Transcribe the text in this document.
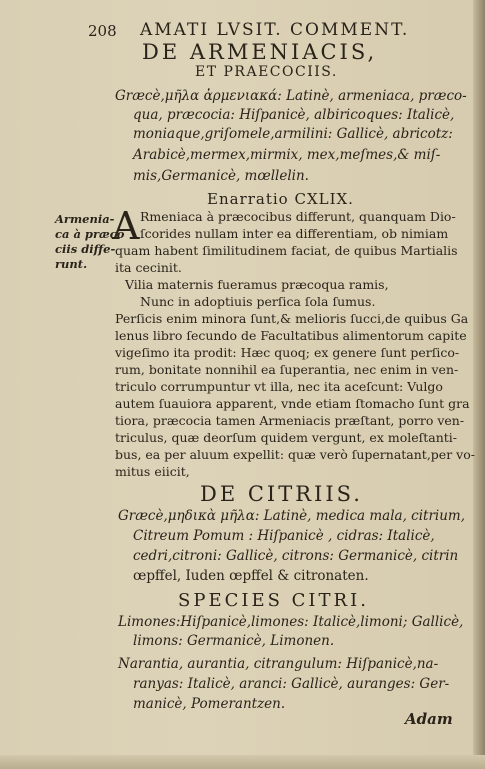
208 AMATI LVSIT. COMMENT.
DE ARMENIACIS,
ET PRAECOCIIS.
Græcè,μῆλα ἀρμενιακά: Latinè, armeniaca, præco-
qua, præcocia: Hiſpanicè, albiricoques: Italicè,
moniaque,griſomele,armilini: Gallicè, abricotz:
Arabicè,mermex,mirmix, mex,meſmes,& miſ-
mis,Germanicè, mœllelin.
Enarratio CXLIX.
Armenia-
ca à præco
ciis diffe-
runt.
A Rmeniaca à præcocibus differunt, quanquam Dio-
ſcorides nullam inter ea differentiam, ob nimiam
quam habent ſimilitudinem faciat, de quibus Martialis
ita cecinit.
Vilia maternis fueramus præcoqua ramis,
Nunc in adoptiuis perſica ſola ſumus.
Perſicis enim minora ſunt,& melioris ſucci,de quibus Ga
lenus libro ſecundo de Facultatibus alimentorum capite
vigeſimo ita prodit: Hæc quoq; ex genere ſunt perſico-
rum, bonitate nonnihil ea ſuperantia, nec enim in ven-
triculo corrumpuntur vt illa, nec ita aceſcunt: Vulgo
autem ſuauiora apparent, vnde etiam ſtomacho ſunt gra
tiora, præcocia tamen Armeniacis præſtant, porro ven-
triculus, quæ deorſum quidem vergunt, ex moleſtanti-
bus, ea per aluum expellit: quæ verò ſupernatant,per vo-
mitus eiicit,
DE CITRIIS.
Græcè,μηδικὰ μῆλα: Latinè, medica mala, citrium,
Citreum Pomum : Hiſpanicè , cidras: Italicè,
cedri,citroni: Gallicè, citrons: Germanicè, citrin
œpffel, Iuden œpffel & citronaten.
SPECIES CITRI.
Limones:Hiſpanicè,limones: Italicè,limoni; Gallicè,
limons: Germanicè, Limonen.
Narantia, aurantia, citrangulum: Hiſpanicè,na-
ranyas: Italicè, aranci: Gallicè, auranges: Ger-
manicè, Pomerantzen.
Adam
